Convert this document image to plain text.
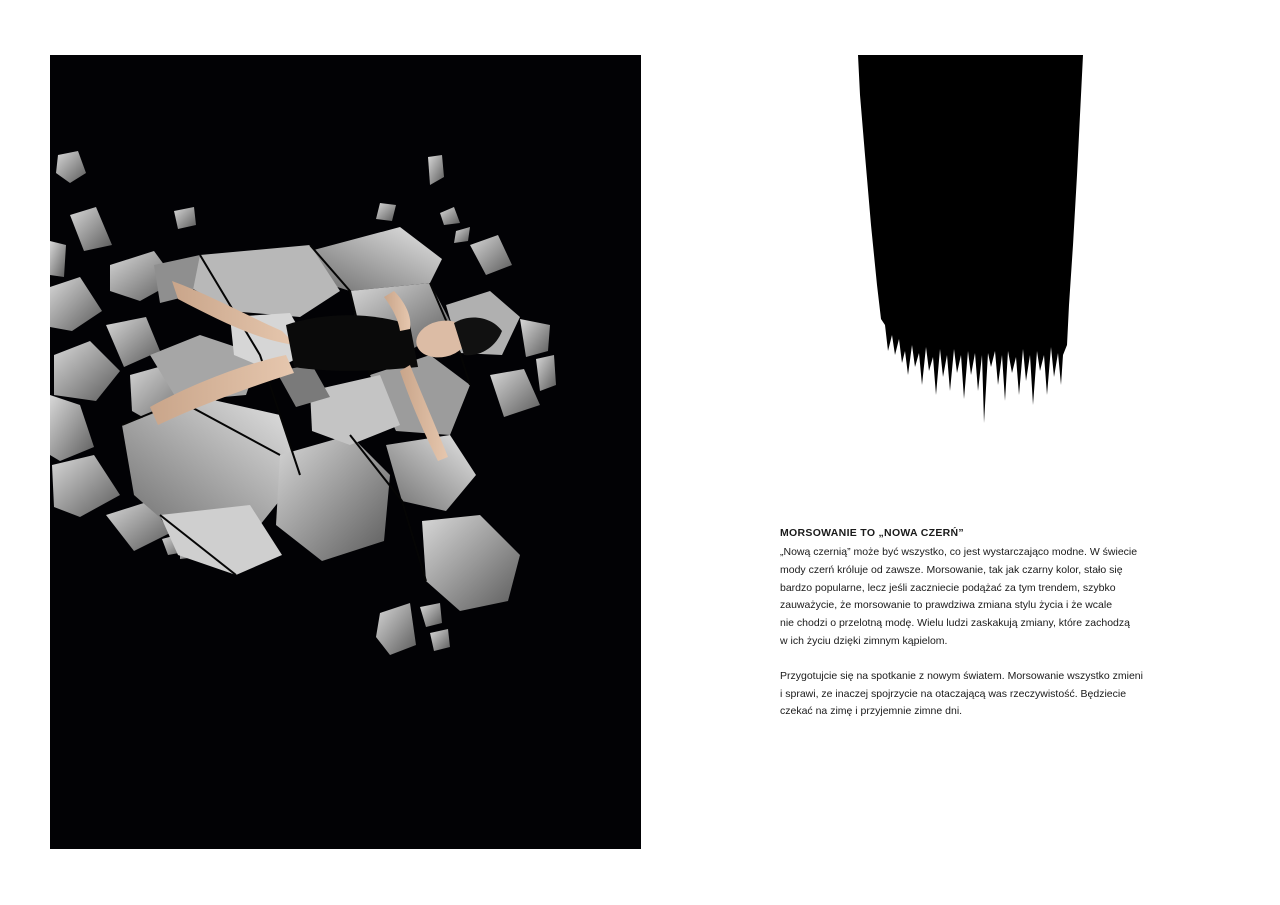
MORSOWANIE TO „NOWA CZERŃ”

„Nową czernią” może być wszystko, co jest wystarczająco modne. W świecie
mody czerń króluje od zawsze. Morsowanie, tak jak czarny kolor, stało się
bardzo popularne, lecz jeśli zaczniecie podążać za tym trendem, szybko
zauważycie, że morsowanie to prawdziwa zmiana stylu życia i że wcale
nie chodzi o przelotną modę. Wielu ludzi zaskakują zmiany, które zachodzą
w ich życiu dzięki zimnym kąpielom.

Przygotujcie się na spotkanie z nowym światem. Morsowanie wszystko zmieni
i sprawi, ze inaczej spojrzycie na otaczającą was rzeczywistość. Będziecie
czekać na zimę i przyjemnie zimne dni.
